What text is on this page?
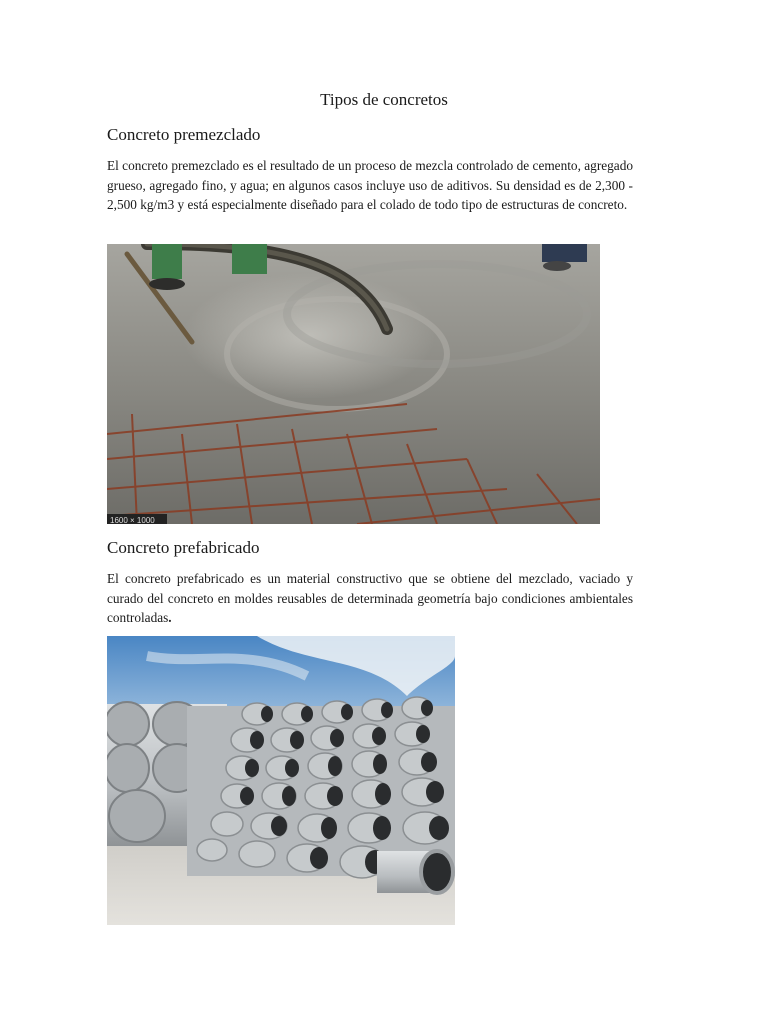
Tipos de concretos
Concreto premezclado

El concreto premezclado es el resultado de un proceso de mezcla controlado de cemento, agregado grueso, agregado fino, y agua; en algunos casos incluye uso de aditivos. Su densidad es de 2,300 - 2,500 kg/m3 y está especialmente diseñado para el colado de todo tipo de estructuras de concreto.

1600 × 1000
Concreto prefabricado

El concreto prefabricado es un material constructivo que se obtiene del mezclado, vaciado y curado del concreto en moldes reusables de determinada geometría bajo condiciones ambientales controladas.
